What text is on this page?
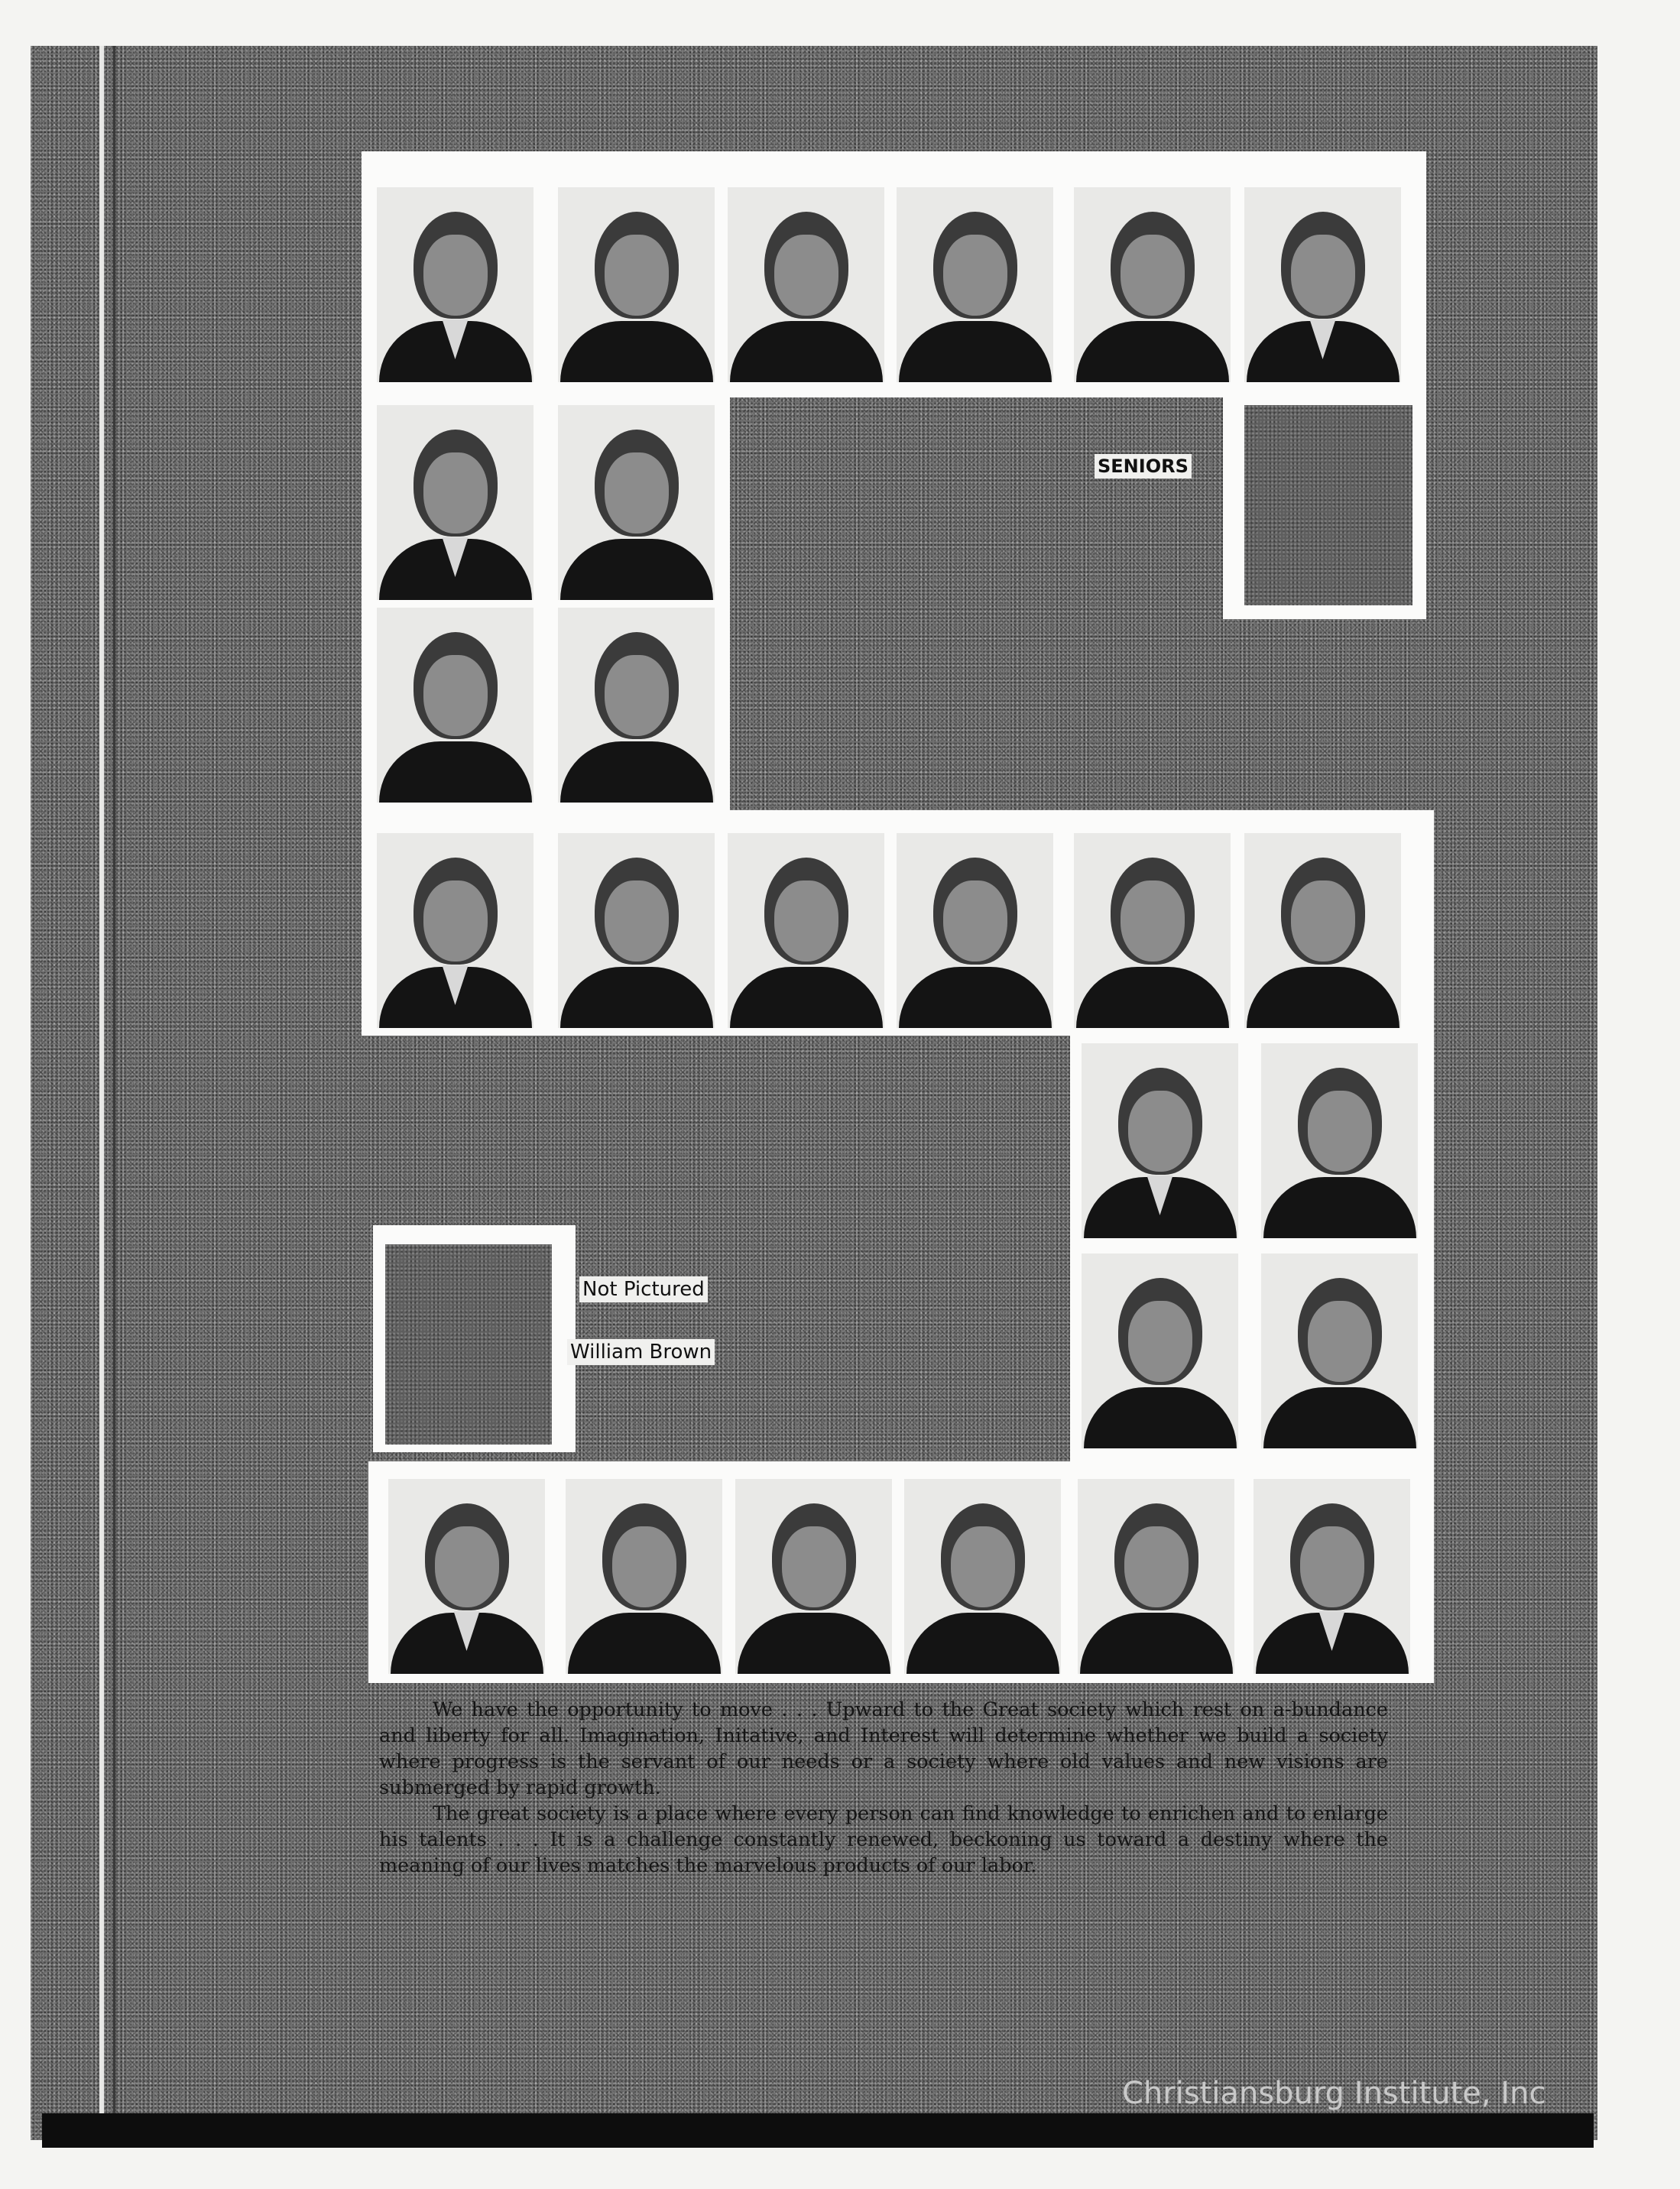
SENIORS
Not Pictured
William Brown

We have the opportunity to move . . . Upward to the Great society which rest on a-bundance and liberty for all. Imagination, Initative, and Interest will determine whether we build a society where progress is the servant of our needs or a society where old values and new visions are submerged by rapid growth.

The great society is a place where every person can find knowledge to enrichen and to enlarge his talents . . . It is a challenge constantly renewed, beckoning us toward a destiny where the meaning of our lives matches the marvelous products of our labor.

Christiansburg Institute, Inc
